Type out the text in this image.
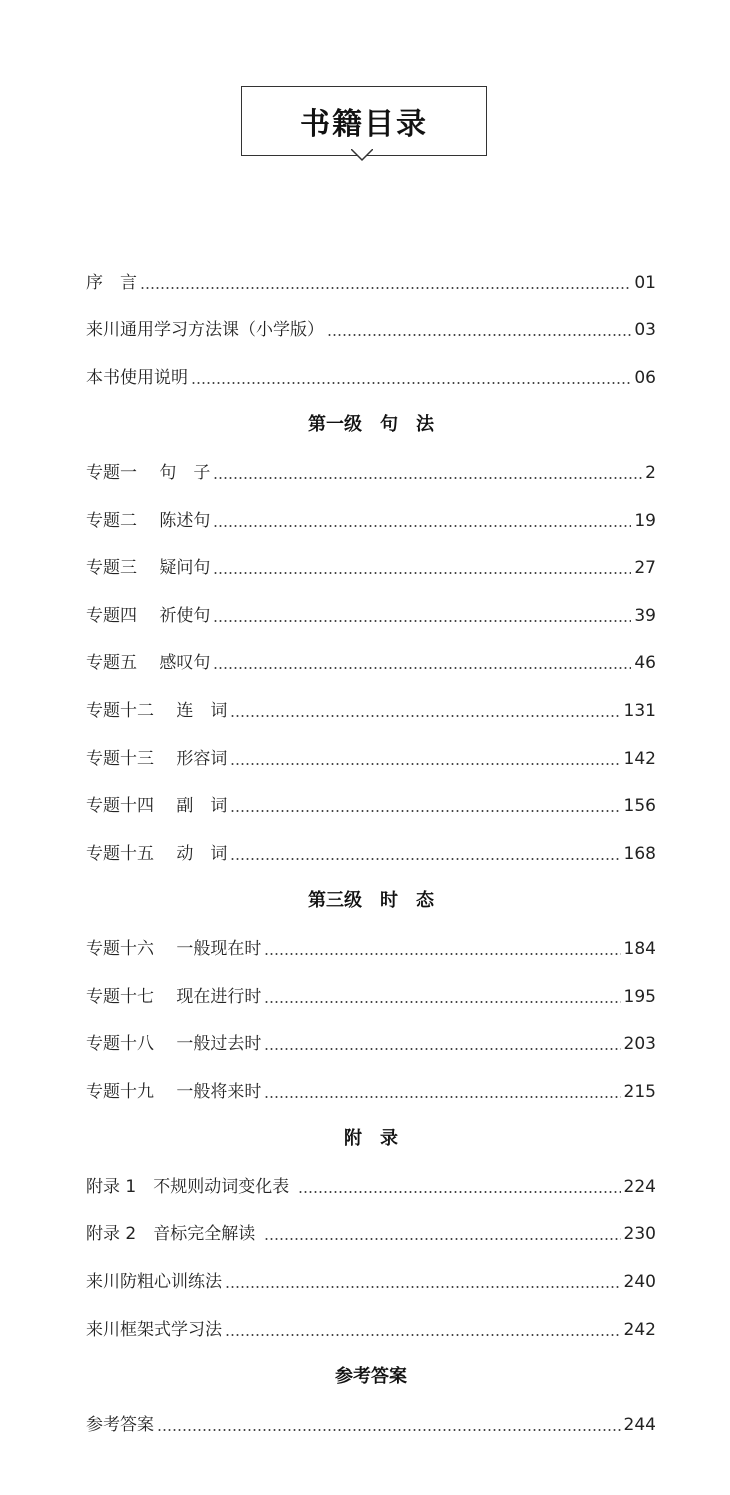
书籍目录
序　言	01
来川通用学习方法课（小学版）	03
本书使用说明	06
第一级　句　法
专题一　 句　子	2
专题二　 陈述句	19
专题三　 疑问句	27
专题四　 祈使句	39
专题五　 感叹句	46
专题十二　 连　词	131
专题十三　 形容词	142
专题十四　 副　词	156
专题十五　 动　词	168
第三级　时　态
专题十六　 一般现在时	184
专题十七　 现在进行时	195
专题十八　 一般过去时	203
专题十九　 一般将来时	215
附　录
附录 1　不规则动词变化表	224
附录 2　音标完全解读	230
来川防粗心训练法	240
来川框架式学习法	242
参考答案
参考答案	244
